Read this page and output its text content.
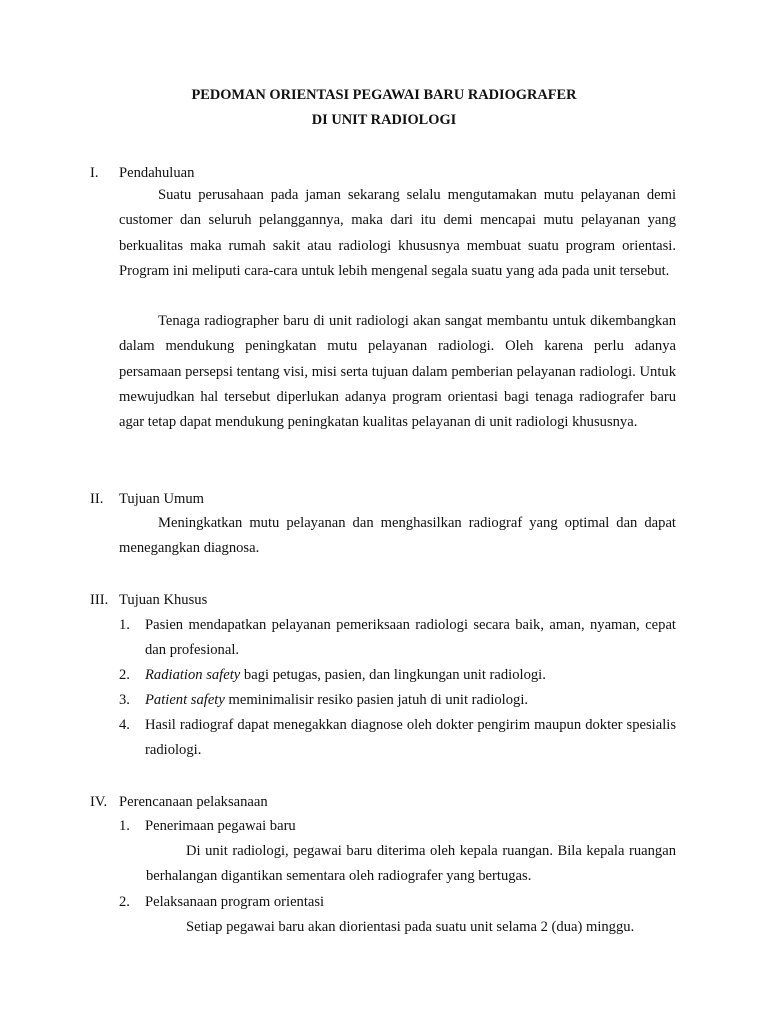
PEDOMAN ORIENTASI PEGAWAI BARU RADIOGRAFER
DI UNIT RADIOLOGI
I. Pendahuluan

Suatu perusahaan pada jaman sekarang selalu mengutamakan mutu pelayanan demi customer dan seluruh pelanggannya, maka dari itu demi mencapai mutu pelayanan yang berkualitas maka rumah sakit atau radiologi khususnya membuat suatu program orientasi. Program ini meliputi cara-cara untuk lebih mengenal segala suatu yang ada pada unit tersebut.

Tenaga radiographer baru di unit radiologi akan sangat membantu untuk dikembangkan dalam mendukung peningkatan mutu pelayanan radiologi. Oleh karena perlu adanya persamaan persepsi tentang visi, misi serta tujuan dalam pemberian pelayanan radiologi. Untuk mewujudkan hal tersebut diperlukan adanya program orientasi bagi tenaga radiografer baru agar tetap dapat mendukung peningkatan kualitas pelayanan di unit radiologi khususnya.

II. Tujuan Umum

Meningkatkan mutu pelayanan dan menghasilkan radiograf yang optimal dan dapat menegangkan diagnosa.

III. Tujuan Khusus
1. Pasien mendapatkan pelayanan pemeriksaan radiologi secara baik, aman, nyaman, cepat dan profesional.

2. Radiation safety bagi petugas, pasien, dan lingkungan unit radiologi.

3. Patient safety meminimalisir resiko pasien jatuh di unit radiologi.

4. Hasil radiograf dapat menegakkan diagnose oleh dokter pengirim maupun dokter spesialis radiologi.

IV. Perencanaan pelaksanaan
1. Penerimaan pegawai baru

Di unit radiologi, pegawai baru diterima oleh kepala ruangan. Bila kepala ruangan berhalangan digantikan sementara oleh radiografer yang bertugas.

2. Pelaksanaan program orientasi

Setiap pegawai baru akan diorientasi pada suatu unit selama 2 (dua) minggu.
